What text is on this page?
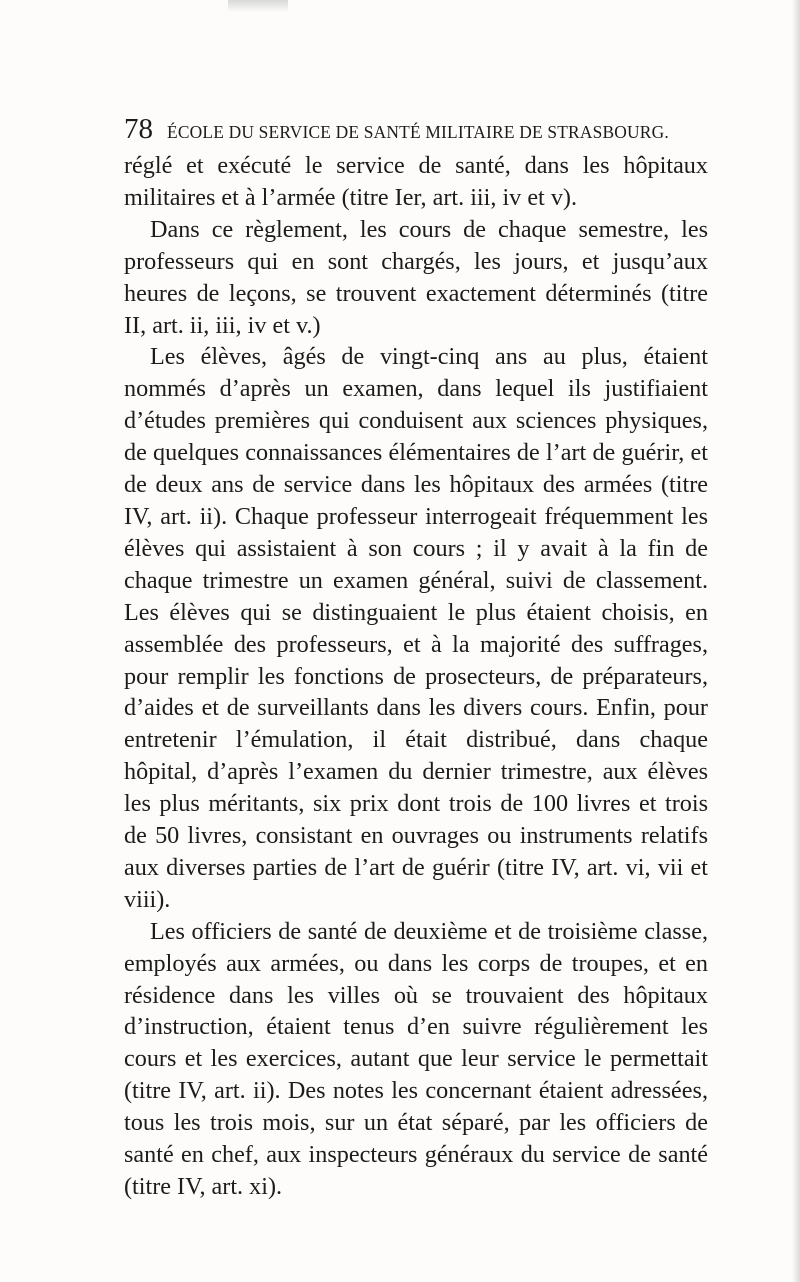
78 ÉCOLE DU SERVICE DE SANTÉ MILITAIRE DE STRASBOURG.

réglé et exécuté le service de santé, dans les hôpitaux militaires et à l’armée (titre Ier, art. iii, iv et v).

Dans ce règlement, les cours de chaque semestre, les professeurs qui en sont chargés, les jours, et jusqu’aux heures de leçons, se trouvent exactement déterminés (titre II, art. ii, iii, iv et v.)

Les élèves, âgés de vingt-cinq ans au plus, étaient nommés d’après un examen, dans lequel ils justifiaient d’études premières qui conduisent aux sciences physiques, de quelques connaissances élémentaires de l’art de guérir, et de deux ans de service dans les hôpitaux des armées (titre IV, art. ii). Chaque professeur interrogeait fréquemment les élèves qui assistaient à son cours ; il y avait à la fin de chaque trimestre un examen général, suivi de classement. Les élèves qui se distinguaient le plus étaient choisis, en assemblée des professeurs, et à la majorité des suffrages, pour remplir les fonctions de prosecteurs, de préparateurs, d’aides et de surveillants dans les divers cours. Enfin, pour entretenir l’émulation, il était distribué, dans chaque hôpital, d’après l’examen du dernier trimestre, aux élèves les plus méritants, six prix dont trois de 100 livres et trois de 50 livres, consistant en ouvrages ou instruments relatifs aux diverses parties de l’art de guérir (titre IV, art. vi, vii et viii).

Les officiers de santé de deuxième et de troisième classe, employés aux armées, ou dans les corps de troupes, et en résidence dans les villes où se trouvaient des hôpitaux d’instruction, étaient tenus d’en suivre régulièrement les cours et les exercices, autant que leur service le permettait (titre IV, art. ii). Des notes les concernant étaient adressées, tous les trois mois, sur un état séparé, par les officiers de santé en chef, aux inspecteurs généraux du service de santé (titre IV, art. xi).
